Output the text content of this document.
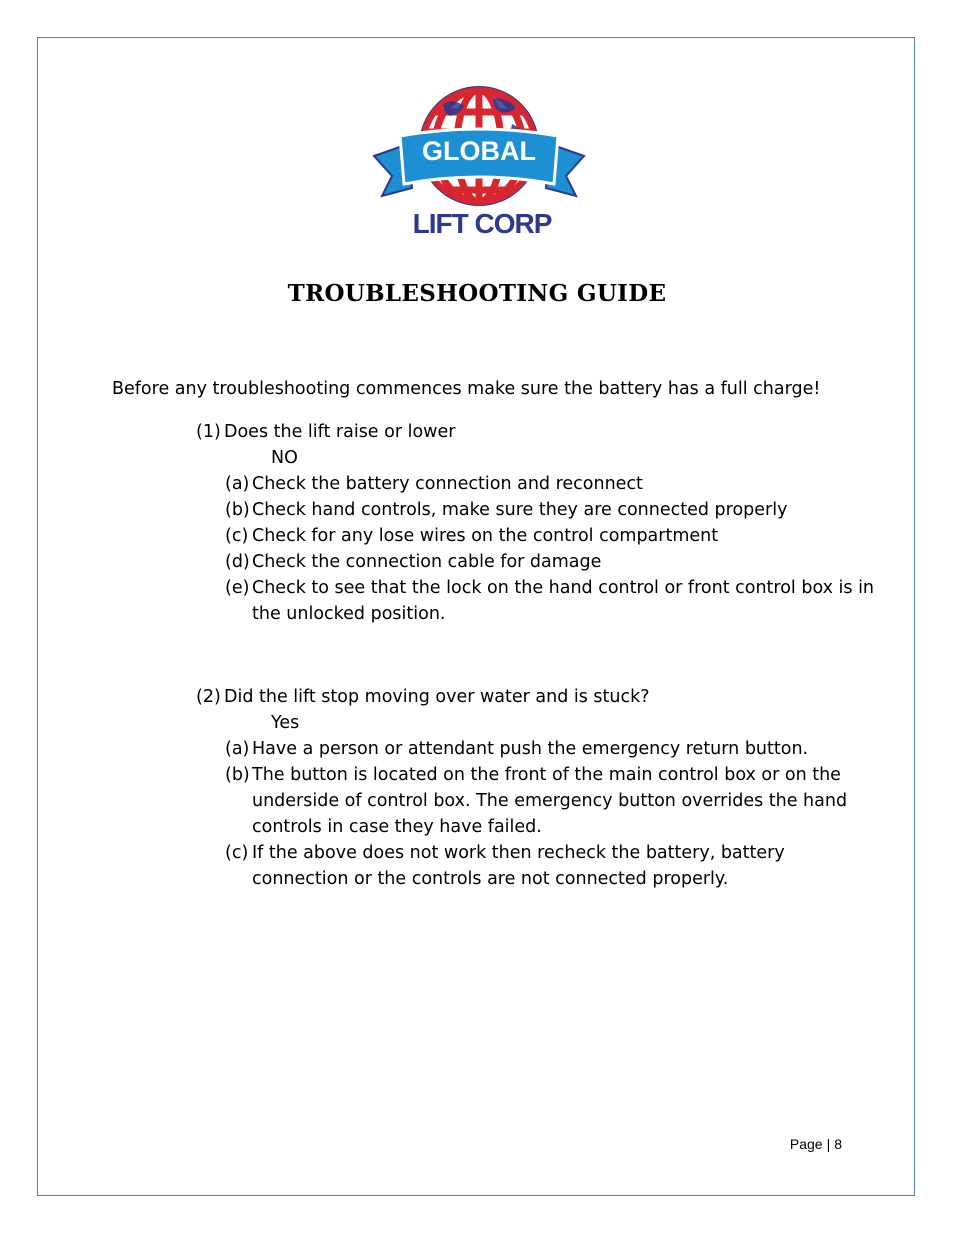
GLOBAL
LIFT CORP
TROUBLESHOOTING GUIDE
Before any troubleshooting commences make sure the battery has a full charge!
(1) Does the lift raise or lower
NO
(a) Check the battery connection and reconnect
(b) Check hand controls, make sure they are connected properly
(c) Check for any lose wires on the control compartment
(d) Check the connection cable for damage
(e) Check to see that the lock on the hand control or front control box is in
the unlocked position.
(2) Did the lift stop moving over water and is stuck?
Yes
(a) Have a person or attendant push the emergency return button.
(b) The button is located on the front of the main control box or on the
underside of control box. The emergency button overrides the hand
controls in case they have failed.
(c) If the above does not work then recheck the battery, battery
connection or the controls are not connected properly.
Page | 8
